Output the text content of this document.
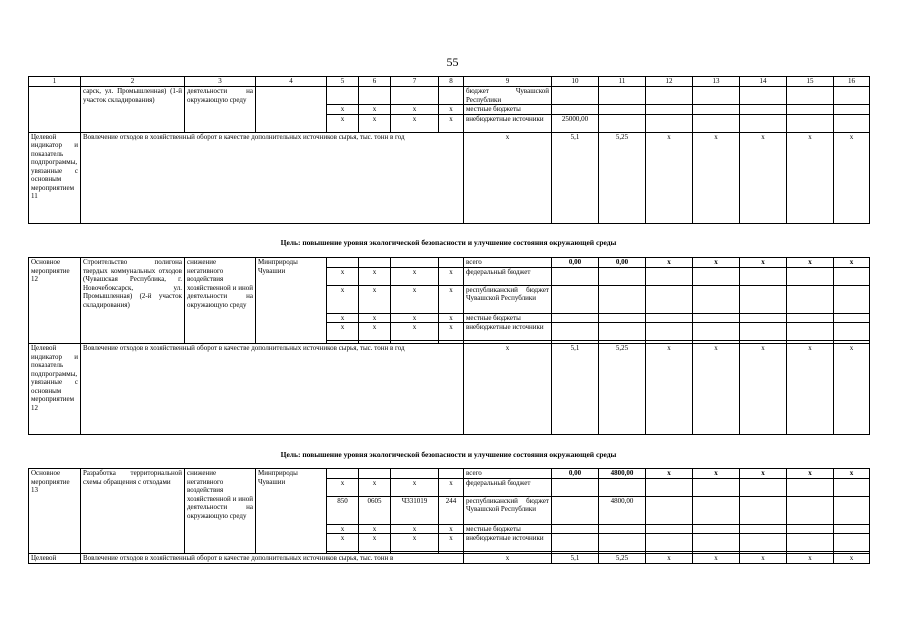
55
1	2	3	4	5	6	7	8	9	10	11	12	13	14	15	16
	сарск, ул. Промышленная) (1-й участок складирования)	деятельности на окружающую среду						бюджет Чувашской Республики							
				x	x	x	x	местные бюджеты							
				x	x	x	x	внебюджетные источники	25000,00						
Целевой индикатор и показатель подпрограммы, увязанные с основным мероприятием 11	Вовлечение отходов в хозяйственный оборот в качестве дополнительных источников сырья, тыс. тонн в год							x	5,1	5,25	x	x	x	x	x
Цель: повышение уровня экологической безопасности и улучшение состояния окружающей среды
Основное мероприятие 12	Строительство полигона твердых коммунальных отходов (Чувашская Республика, г. Новочебоксарск, ул. Промышленная) (2-й участок складирования)	снижение негативного воздействия хозяйственной и иной деятельности на окружающую среду	Минприроды Чувашии					всего	0,00	0,00	x	x	x	x	x
				x	x	x	x	федеральный бюджет							
				x	x	x	x	республиканский бюджет Чувашской Республики							
				x	x	x	x	местные бюджеты							
				x	x	x	x	внебюджетные источники							

Целевой индикатор и показатель подпрограммы, увязанные с основным мероприятием 12	Вовлечение отходов в хозяйственный оборот в качестве дополнительных источников сырья, тыс. тонн в год							x	5,1	5,25	x	x	x	x	x
Цель: повышение уровня экологической безопасности и улучшение состояния окружающей среды
Основное мероприятие 13	Разработка территориальной схемы обращения с отходами	снижение негативного воздействия хозяйственной и иной деятельности на окружающую среду	Минприроды Чувашии					всего	0,00	4800,00	x	x	x	x	x
				x	x	x	x	федеральный бюджет							
				850	0605	Ч331019	244	республиканский бюджет Чувашской Республики		4800,00					
				x	x	x	x	местные бюджеты							
				x	x	x	x	внебюджетные источники							

Целевой	Вовлечение отходов в хозяйственный оборот в качестве дополнительных источников сырья, тыс. тонн в							x	5,1	5,25	x	x	x	x	x
